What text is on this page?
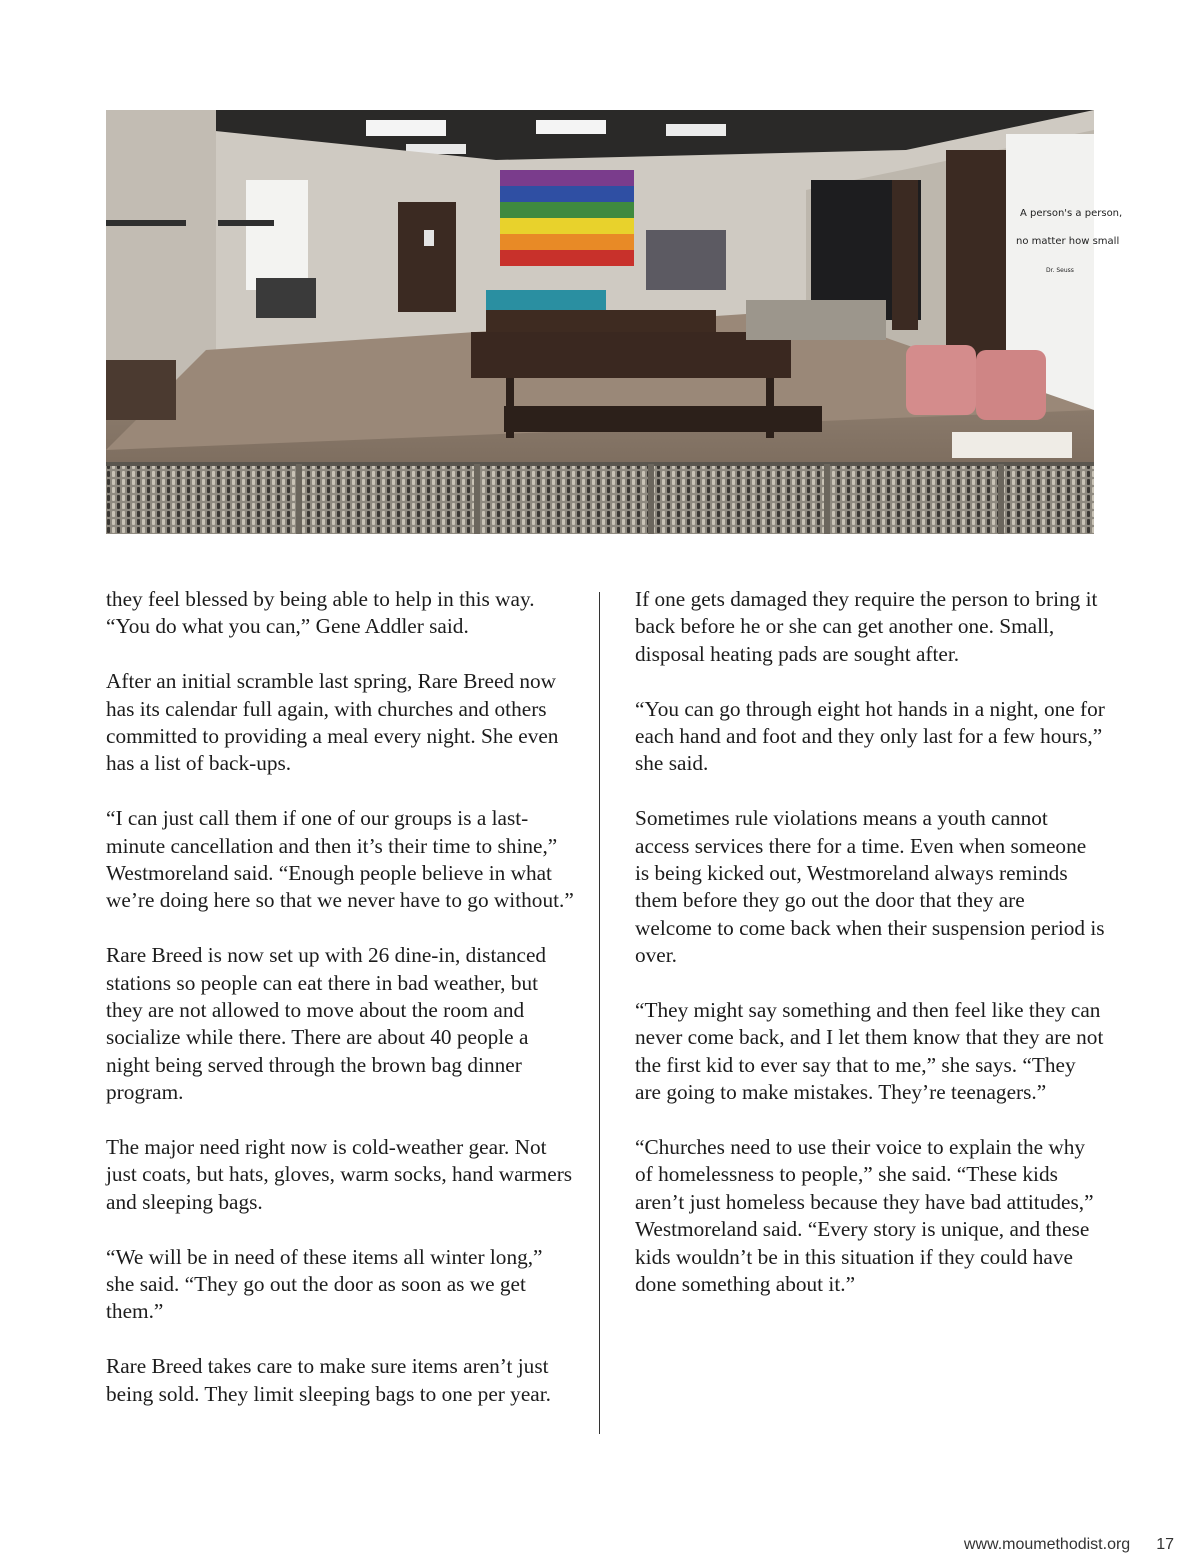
A person's a person,
no matter how small
Dr. Seuss

they feel blessed by being able to help in this way. “You do what you can,” Gene Addler said.

After an initial scramble last spring, Rare Breed now has its calendar full again, with churches and others committed to providing a meal every night. She even has a list of back-ups.

“I can just call them if one of our groups is a last-minute cancellation and then it’s their time to shine,” Westmoreland said. “Enough people believe in what we’re doing here so that we never have to go without.”

Rare Breed is now set up with 26 dine-in, distanced stations so people can eat there in bad weather, but they are not allowed to move about the room and socialize while there. There are about 40 people a night being served through the brown bag dinner program.

The major need right now is cold-weather gear. Not just coats, but hats, gloves, warm socks, hand warmers and sleeping bags.

“We will be in need of these items all winter long,” she said. “They go out the door as soon as we get them.”

Rare Breed takes care to make sure items aren’t just being sold. They limit sleeping bags to one per year.

If one gets damaged they require the person to bring it back before he or she can get another one. Small, disposal heating pads are sought after.

“You can go through eight hot hands in a night, one for each hand and foot and they only last for a few hours,” she said.

Sometimes rule violations means a youth cannot access services there for a time. Even when someone is being kicked out, Westmoreland always reminds them before they go out the door that they are welcome to come back when their suspension period is over.

“They might say something and then feel like they can never come back, and I let them know that they are not the first kid to ever say that to me,” she says. “They are going to make mistakes. They’re teenagers.”

“Churches need to use their voice to explain the why of homelessness to people,” she said. “These kids aren’t just homeless because they have bad attitudes,” Westmoreland said. “Every story is unique, and these kids wouldn’t be in this situation if they could have done something about it.”

www.moumethodist.org 17
